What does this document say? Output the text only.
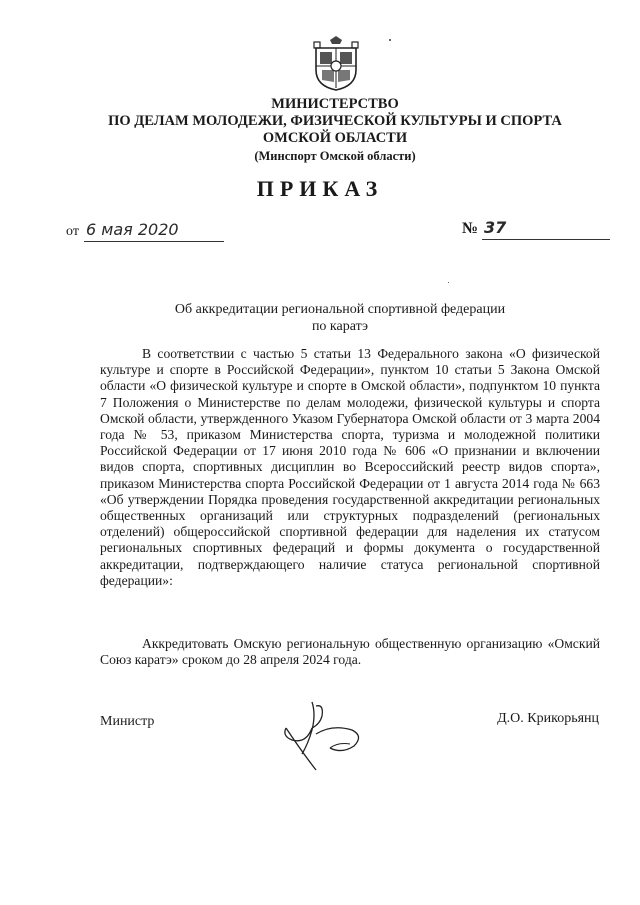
МИНИСТЕРСТВО
ПО ДЕЛАМ МОЛОДЕЖИ, ФИЗИЧЕСКОЙ КУЛЬТУРЫ И СПОРТА
ОМСКОЙ ОБЛАСТИ
(Минспорт Омской области)
ПРИКАЗ
от 6 мая 2020	№ 37
Об аккредитации региональной спортивной федерации
по каратэ
В соответствии с частью 5 статьи 13 Федерального закона «О физической культуре и спорте в Российской Федерации», пунктом 10 статьи 5 Закона Омской области «О физической культуре и спорте в Омской области», подпунктом 10 пункта 7 Положения о Министерстве по делам молодежи, физической культуры и спорта Омской области, утвержденного Указом Губернатора Омской области от 3 марта 2004 года № 53, приказом Министерства спорта, туризма и молодежной политики Российской Федерации от 17 июня 2010 года № 606 «О признании и включении видов спорта, спортивных дисциплин во Всероссийский реестр видов спорта», приказом Министерства спорта Российской Федерации от 1 августа 2014 года № 663 «Об утверждении Порядка проведения государственной аккредитации региональных общественных организаций или структурных подразделений (региональных отделений) общероссийской спортивной федерации для наделения их статусом региональных спортивных федераций и формы документа о государственной аккредитации, подтверждающего наличие статуса региональной спортивной федерации»:
Аккредитовать Омскую региональную общественную организацию «Омский Союз каратэ» сроком до 28 апреля 2024 года.
Министр	Д.О. Крикорьянц
